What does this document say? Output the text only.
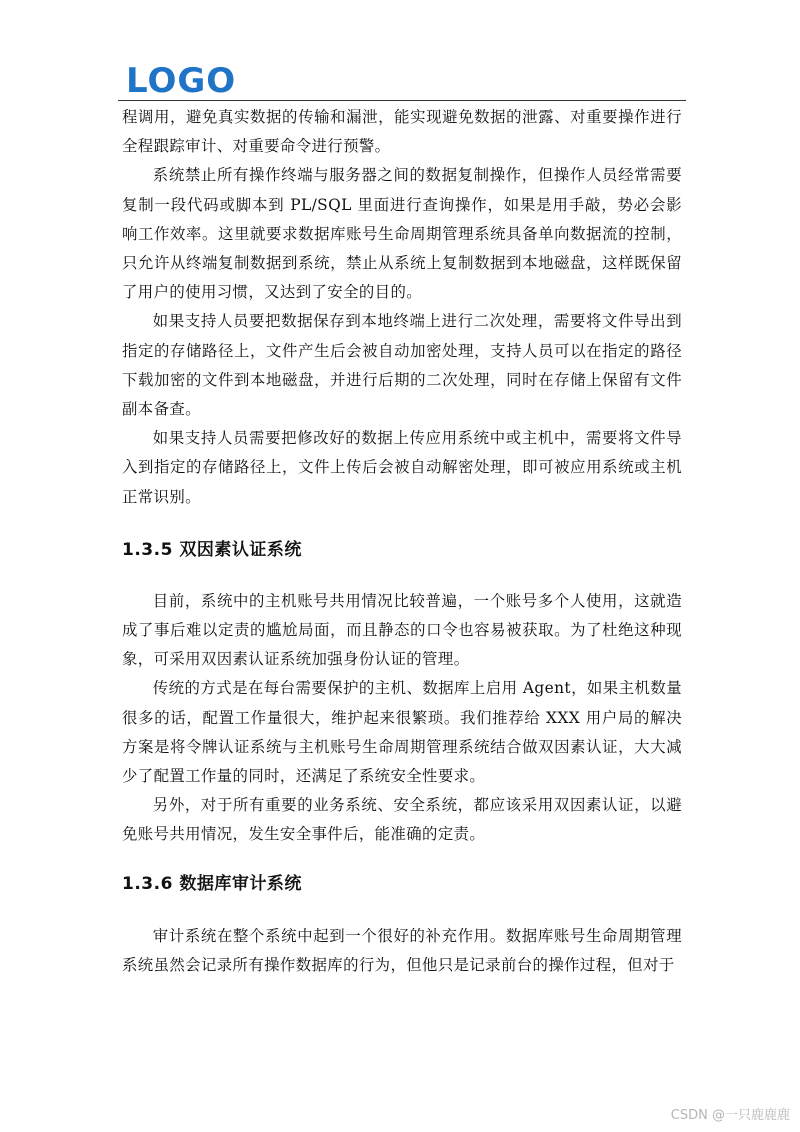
LOGO

程调用，避免真实数据的传输和漏泄，能实现避免数据的泄露、对重要操作进行全程跟踪审计、对重要命令进行预警。

系统禁止所有操作终端与服务器之间的数据复制操作，但操作人员经常需要复制一段代码或脚本到 PL/SQL 里面进行查询操作，如果是用手敲，势必会影响工作效率。这里就要求数据库账号生命周期管理系统具备单向数据流的控制，只允许从终端复制数据到系统，禁止从系统上复制数据到本地磁盘，这样既保留了用户的使用习惯，又达到了安全的目的。

如果支持人员要把数据保存到本地终端上进行二次处理，需要将文件导出到指定的存储路径上，文件产生后会被自动加密处理，支持人员可以在指定的路径下载加密的文件到本地磁盘，并进行后期的二次处理，同时在存储上保留有文件副本备查。

如果支持人员需要把修改好的数据上传应用系统中或主机中，需要将文件导入到指定的存储路径上，文件上传后会被自动解密处理，即可被应用系统或主机正常识别。

1.3.5 双因素认证系统

目前，系统中的主机账号共用情况比较普遍，一个账号多个人使用，这就造成了事后难以定责的尴尬局面，而且静态的口令也容易被获取。为了杜绝这种现象，可采用双因素认证系统加强身份认证的管理。

传统的方式是在每台需要保护的主机、数据库上启用 Agent，如果主机数量很多的话，配置工作量很大，维护起来很繁琐。我们推荐给 XXX 用户局的解决方案是将令牌认证系统与主机账号生命周期管理系统结合做双因素认证，大大减少了配置工作量的同时，还满足了系统安全性要求。

另外，对于所有重要的业务系统、安全系统，都应该采用双因素认证，以避免账号共用情况，发生安全事件后，能准确的定责。

1.3.6 数据库审计系统

审计系统在整个系统中起到一个很好的补充作用。数据库账号生命周期管理系统虽然会记录所有操作数据库的行为，但他只是记录前台的操作过程，但对于

CSDN @一只鹿鹿鹿
